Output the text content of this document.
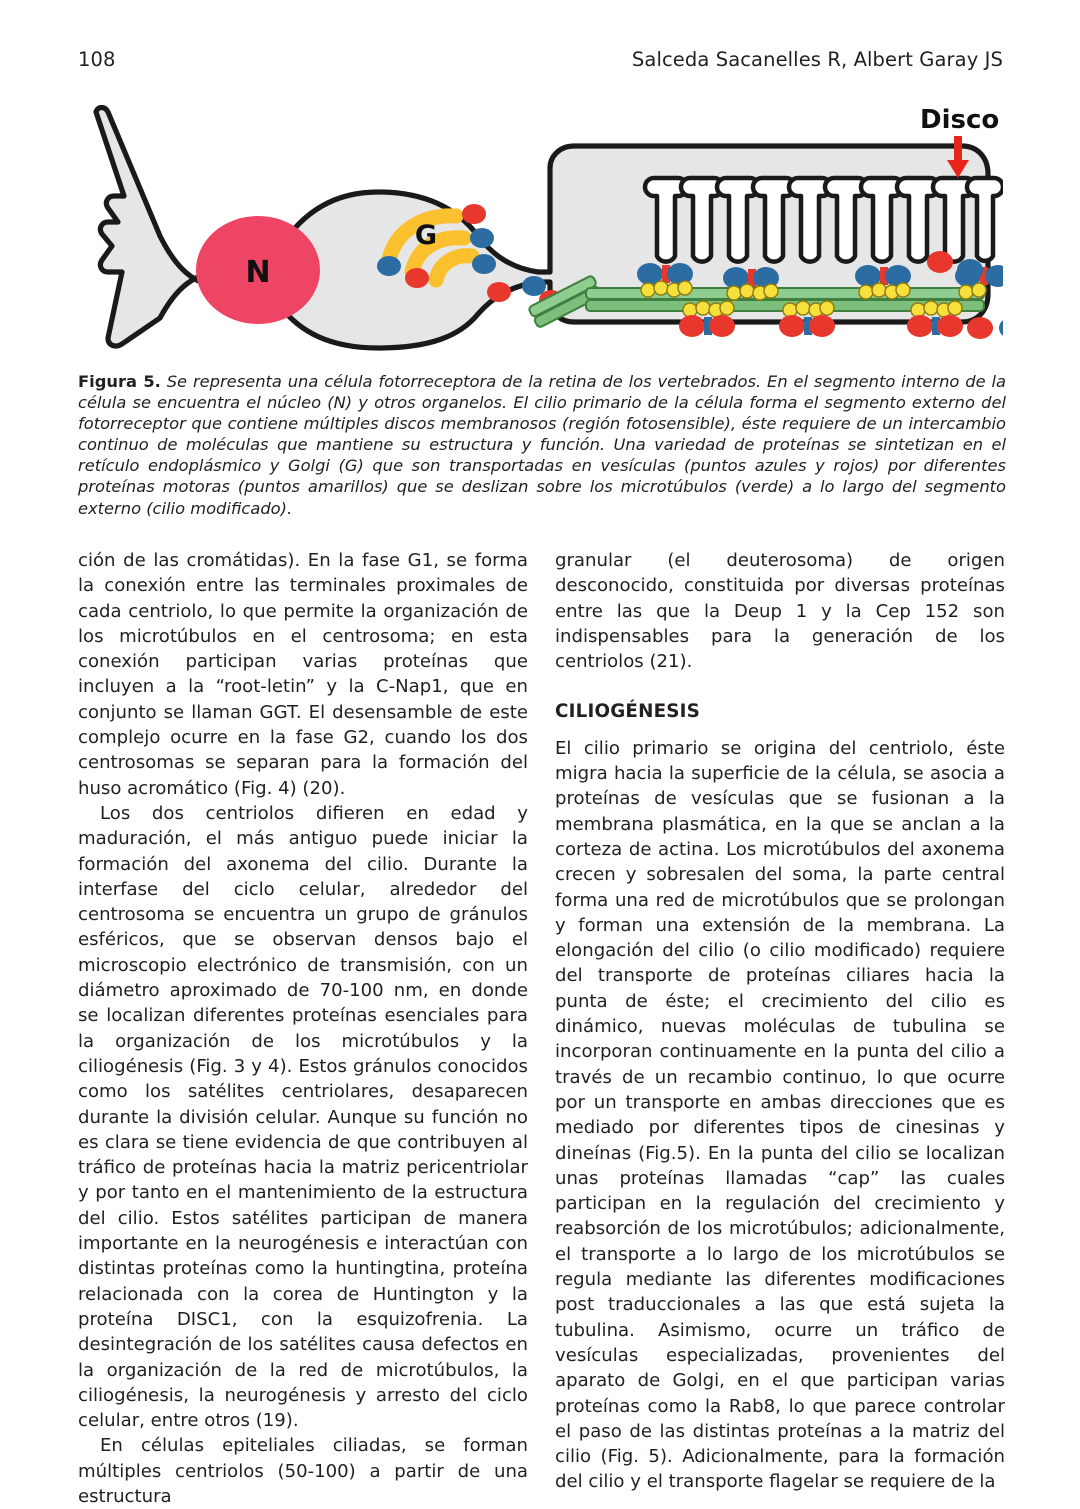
108	Salceda Sacanelles R, Albert Garay JS
N
G
Disco
Figura 5. Se representa una célula fotorreceptora de la retina de los vertebrados. En el segmento interno de la célula se encuentra el núcleo (N) y otros organelos. El cilio primario de la célula forma el segmento externo del fotorreceptor que contiene múltiples discos membranosos (región fotosensible), éste requiere de un intercambio continuo de moléculas que mantiene su estructura y función. Una variedad de proteínas se sintetizan en el retículo endoplásmico y Golgi (G) que son transportadas en vesículas (puntos azules y rojos) por diferentes proteínas motoras (puntos amarillos) que se deslizan sobre los microtúbulos (verde) a lo largo del segmento externo (cilio modificado).

ción de las cromátidas). En la fase G1, se forma la conexión entre las terminales proximales de cada centriolo, lo que permite la organización de los microtúbulos en el centrosoma; en esta conexión participan varias proteínas que incluyen a la “root-letin” y la C-Nap1, que en conjunto se llaman GGT. El desensamble de este complejo ocurre en la fase G2, cuando los dos centrosomas se separan para la formación del huso acromático (Fig. 4) (20).

Los dos centriolos difieren en edad y maduración, el más antiguo puede iniciar la formación del axonema del cilio. Durante la interfase del ciclo celular, alrededor del centrosoma se encuentra un grupo de gránulos esféricos, que se observan densos bajo el microscopio electrónico de transmisión, con un diámetro aproximado de 70-100 nm, en donde se localizan diferentes proteínas esenciales para la organización de los microtúbulos y la ciliogénesis (Fig. 3 y 4). Estos gránulos conocidos como los satélites centriolares, desaparecen durante la división celular. Aunque su función no es clara se tiene evidencia de que contribuyen al tráfico de proteínas hacia la matriz pericentriolar y por tanto en el mantenimiento de la estructura del cilio. Estos satélites participan de manera importante en la neurogénesis e interactúan con distintas proteínas como la huntingtina, proteína relacionada con la corea de Huntington y la proteína DISC1, con la esquizofrenia. La desintegración de los satélites causa defectos en la organización de la red de microtúbulos, la ciliogénesis, la neurogénesis y arresto del ciclo celular, entre otros (19).

En células epiteliales ciliadas, se forman múltiples centriolos (50-100) a partir de una estructura

granular (el deuterosoma) de origen desconocido, constituida por diversas proteínas entre las que la Deup 1 y la Cep 152 son indispensables para la generación de los centriolos (21).

CILIOGÉNESIS

El cilio primario se origina del centriolo, éste migra hacia la superficie de la célula, se asocia a proteínas de vesículas que se fusionan a la membrana plasmática, en la que se anclan a la corteza de actina. Los microtúbulos del axonema crecen y sobresalen del soma, la parte central forma una red de microtúbulos que se prolongan y forman una extensión de la membrana. La elongación del cilio (o cilio modificado) requiere del transporte de proteínas ciliares hacia la punta de éste; el crecimiento del cilio es dinámico, nuevas moléculas de tubulina se incorporan continuamente en la punta del cilio a través de un recambio continuo, lo que ocurre por un transporte en ambas direcciones que es mediado por diferentes tipos de cinesinas y dineínas (Fig.5). En la punta del cilio se localizan unas proteínas llamadas “cap” las cuales participan en la regulación del crecimiento y reabsorción de los microtúbulos; adicionalmente, el transporte a lo largo de los microtúbulos se regula mediante las diferentes modificaciones post traduccionales a las que está sujeta la tubulina. Asimismo, ocurre un tráfico de vesículas especializadas, provenientes del aparato de Golgi, en el que participan varias proteínas como la Rab8, lo que parece controlar el paso de las distintas proteínas a la matriz del cilio (Fig. 5). Adicionalmente, para la formación del cilio y el transporte flagelar se requiere de la
